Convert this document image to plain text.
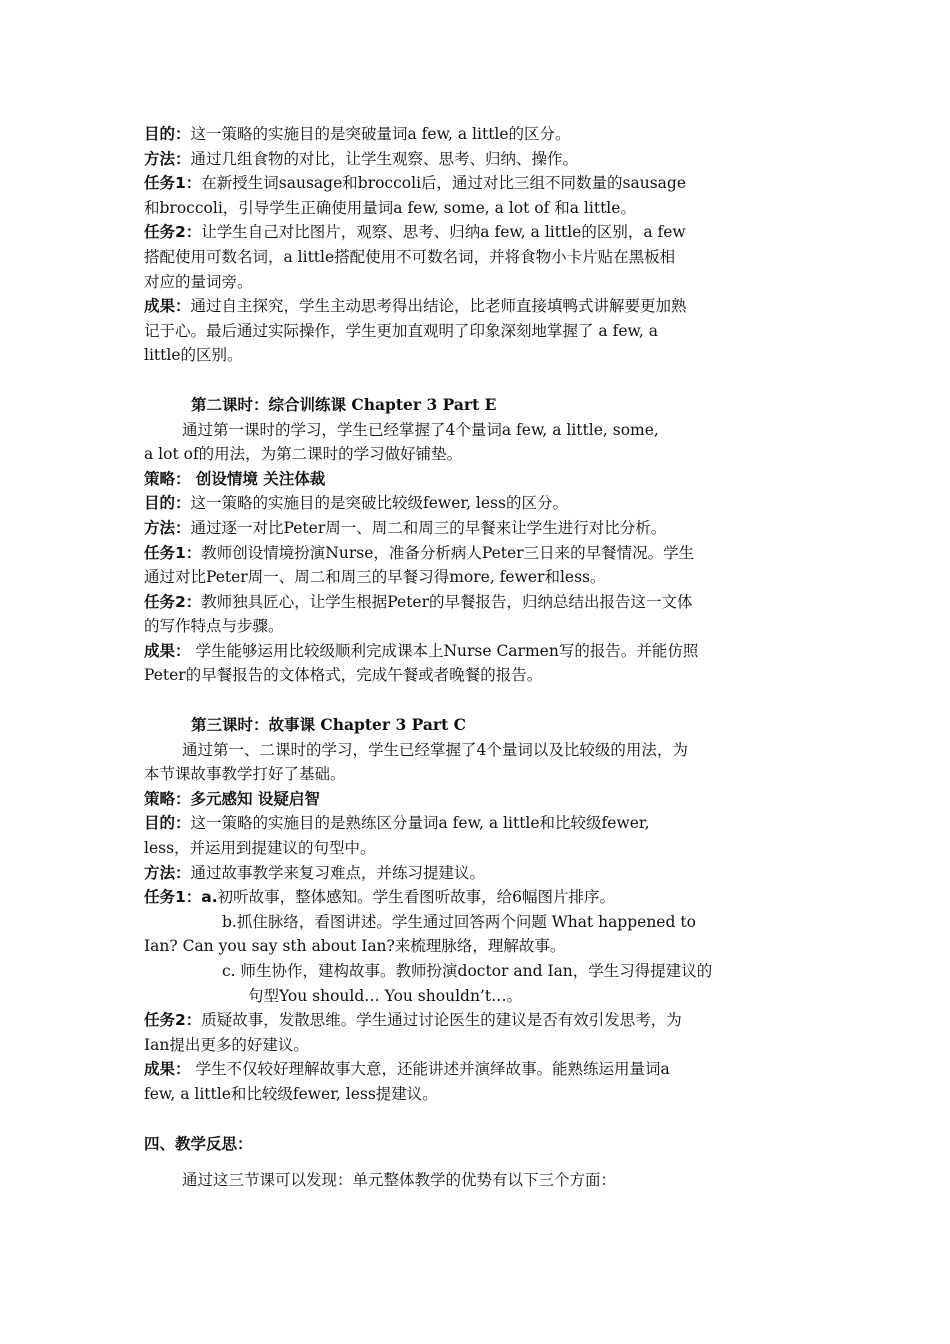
目的：这一策略的实施目的是突破量词a few, a little的区分。

方法：通过几组食物的对比，让学生观察、思考、归纳、操作。

任务1：在新授生词sausage和broccoli后，通过对比三组不同数量的sausage

和broccoli，引导学生正确使用量词a few, some, a lot of 和a little。

任务2：让学生自己对比图片，观察、思考、归纳a few, a little的区别，a few

搭配使用可数名词，a little搭配使用不可数名词，并将食物小卡片贴在黑板相

对应的量词旁。

成果：通过自主探究，学生主动思考得出结论，比老师直接填鸭式讲解要更加熟

记于心。最后通过实际操作，学生更加直观明了印象深刻地掌握了 a few, a

little的区别。

第二课时：综合训练课 Chapter 3 Part E

通过第一课时的学习，学生已经掌握了4个量词a few, a little, some,

a lot of的用法，为第二课时的学习做好铺垫。

策略： 创设情境 关注体裁

目的：这一策略的实施目的是突破比较级fewer, less的区分。

方法：通过逐一对比Peter周一、周二和周三的早餐来让学生进行对比分析。

任务1：教师创设情境扮演Nurse，准备分析病人Peter三日来的早餐情况。学生

通过对比Peter周一、周二和周三的早餐习得more, fewer和less。

任务2：教师独具匠心，让学生根据Peter的早餐报告，归纳总结出报告这一文体

的写作特点与步骤。

成果： 学生能够运用比较级顺利完成课本上Nurse Carmen写的报告。并能仿照

Peter的早餐报告的文体格式，完成午餐或者晚餐的报告。

第三课时：故事课 Chapter 3 Part C

通过第一、二课时的学习，学生已经掌握了4个量词以及比较级的用法，为

本节课故事教学打好了基础。

策略：多元感知 设疑启智

目的：这一策略的实施目的是熟练区分量词a few, a little和比较级fewer,

less，并运用到提建议的句型中。

方法：通过故事教学来复习难点，并练习提建议。

任务1：a.初听故事，整体感知。学生看图听故事，给6幅图片排序。

b.抓住脉络，看图讲述。学生通过回答两个问题 What happened to

Ian? Can you say sth about Ian?来梳理脉络，理解故事。

c. 师生协作，建构故事。教师扮演doctor and Ian，学生习得提建议的

句型You should… You shouldn’t…。

任务2：质疑故事，发散思维。学生通过讨论医生的建议是否有效引发思考，为

Ian提出更多的好建议。

成果： 学生不仅较好理解故事大意，还能讲述并演绎故事。能熟练运用量词a

few, a little和比较级fewer, less提建议。

四、教学反思：

通过这三节课可以发现：单元整体教学的优势有以下三个方面：
